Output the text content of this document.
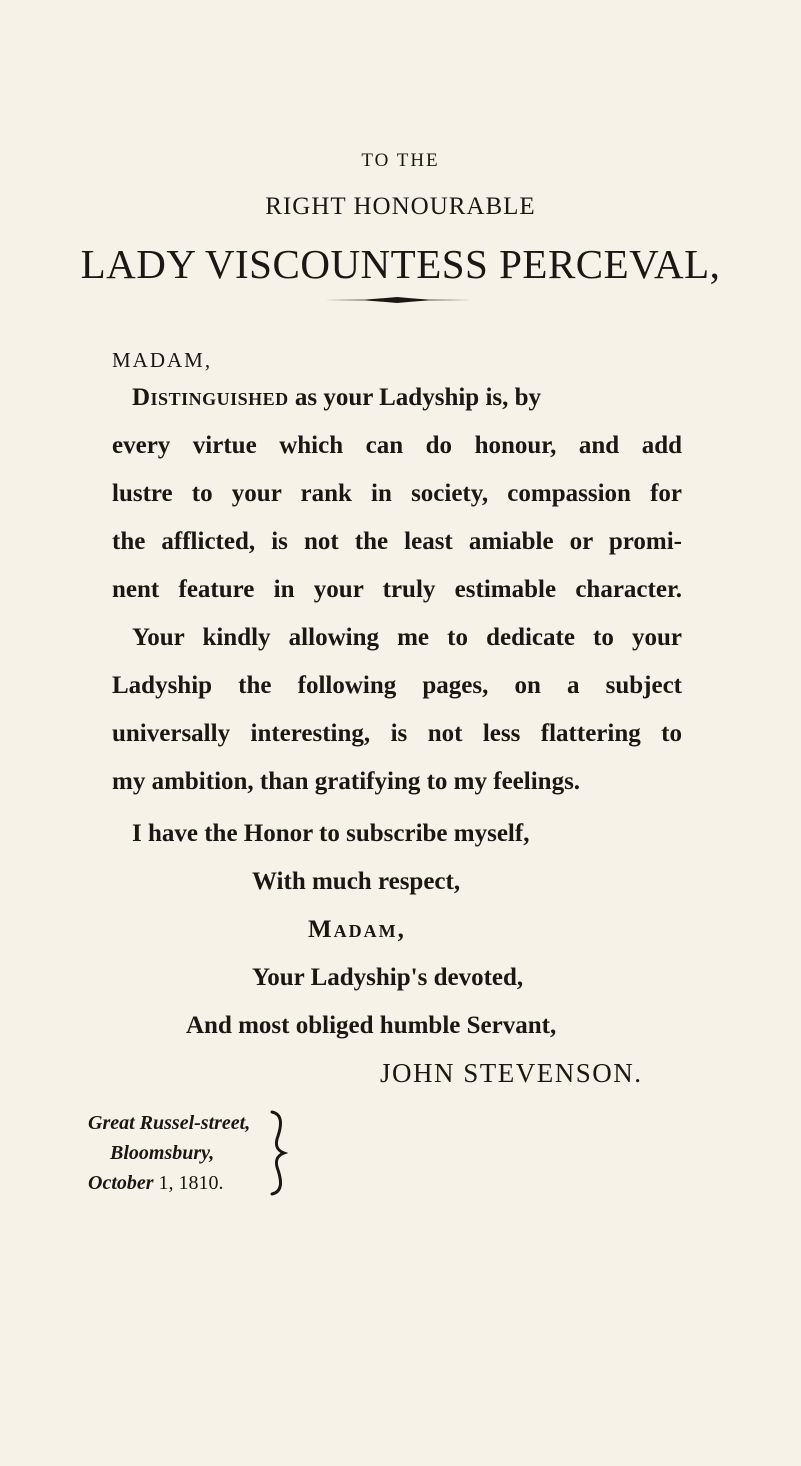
TO THE
RIGHT HONOURABLE
LADY VISCOUNTESS PERCEVAL,
MADAM,
Distinguished as your Ladyship is, by
every virtue which can do honour, and add
lustre to your rank in society, compassion for
the afflicted, is not the least amiable or promi-
nent feature in your truly estimable character.
Your kindly allowing me to dedicate to your
Ladyship the following pages, on a subject
universally interesting, is not less flattering to
my ambition, than gratifying to my feelings.
I have the Honor to subscribe myself,
With much respect,
Madam,
Your Ladyship's devoted,
And most obliged humble Servant,
JOHN STEVENSON.
Great Russel-street,
Bloomsbury,
October 1, 1810.
